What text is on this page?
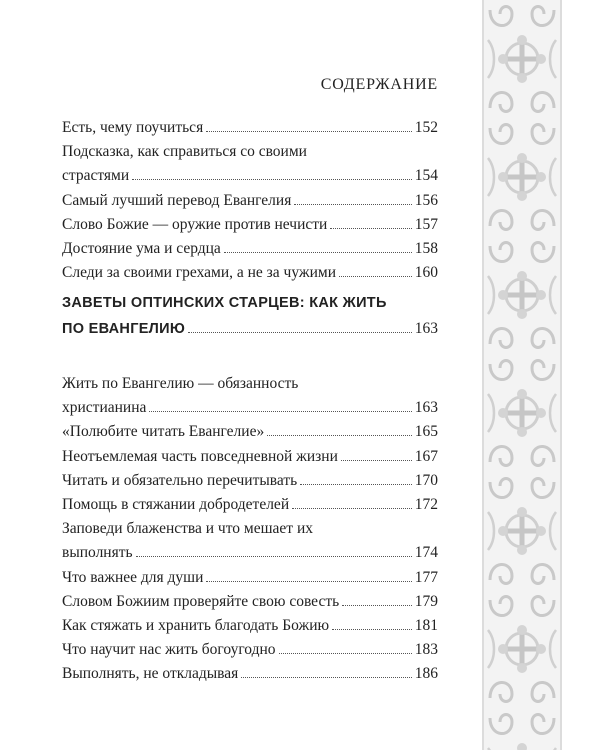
СОДЕРЖАНИЕ
Есть, чему поучиться	152
Подсказка, как справиться со своими
страстями	154
Самый лучший перевод Евангелия	156
Слово Божие — оружие против нечисти	157
Достояние ума и сердца	158
Следи за своими грехами, а не за чужими	160
ЗАВЕТЫ ОПТИНСКИХ СТАРЦЕВ: КАК ЖИТЬ
ПО ЕВАНГЕЛИЮ	163
Жить по Евангелию — обязанность
христианина	163
«Полюбите читать Евангелие»	165
Неотъемлемая часть повседневной жизни	167
Читать и обязательно перечитывать	170
Помощь в стяжании добродетелей	172
Заповеди блаженства и что мешает их
выполнять	174
Что важнее для души	177
Словом Божиим проверяйте свою совесть	179
Как стяжать и хранить благодать Божию	181
Что научит нас жить богоугодно	183
Выполнять, не откладывая	186
